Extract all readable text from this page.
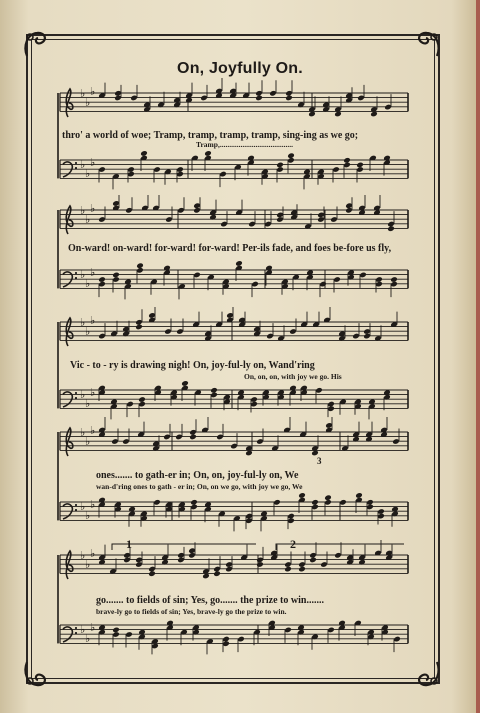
On, Joyfully On.
♭
♭
♭
♭
♭
♭
♭
♭
♭
♭
♭
♭
♭
♭
♭
♭
♭
♭
♭
♭
♭
♭
♭
♭
♭
♭
♭
♭
♭
♭
thro' a world of woe; Tramp, tramp, tramp, tramp, sing-ing as we go;
Tramp,.......................................
On-ward! on-ward! for-ward! for-ward! Per-ils fade, and foes be-fore us fly,
Vic - to - ry is drawing nigh! On, joy-ful-ly on, Wand'ring
On, on, on, with joy we go. His
ones....... to gath-er in; On, on, joy-ful-ly on, We
wan-d'ring ones to gath - er in; On, on we go, with joy we go, We
go....... to fields of sin; Yes, go....... the prize to win.......
brave-ly go to fields of sin; Yes, brave-ly go the prize to win.
1	2
3
